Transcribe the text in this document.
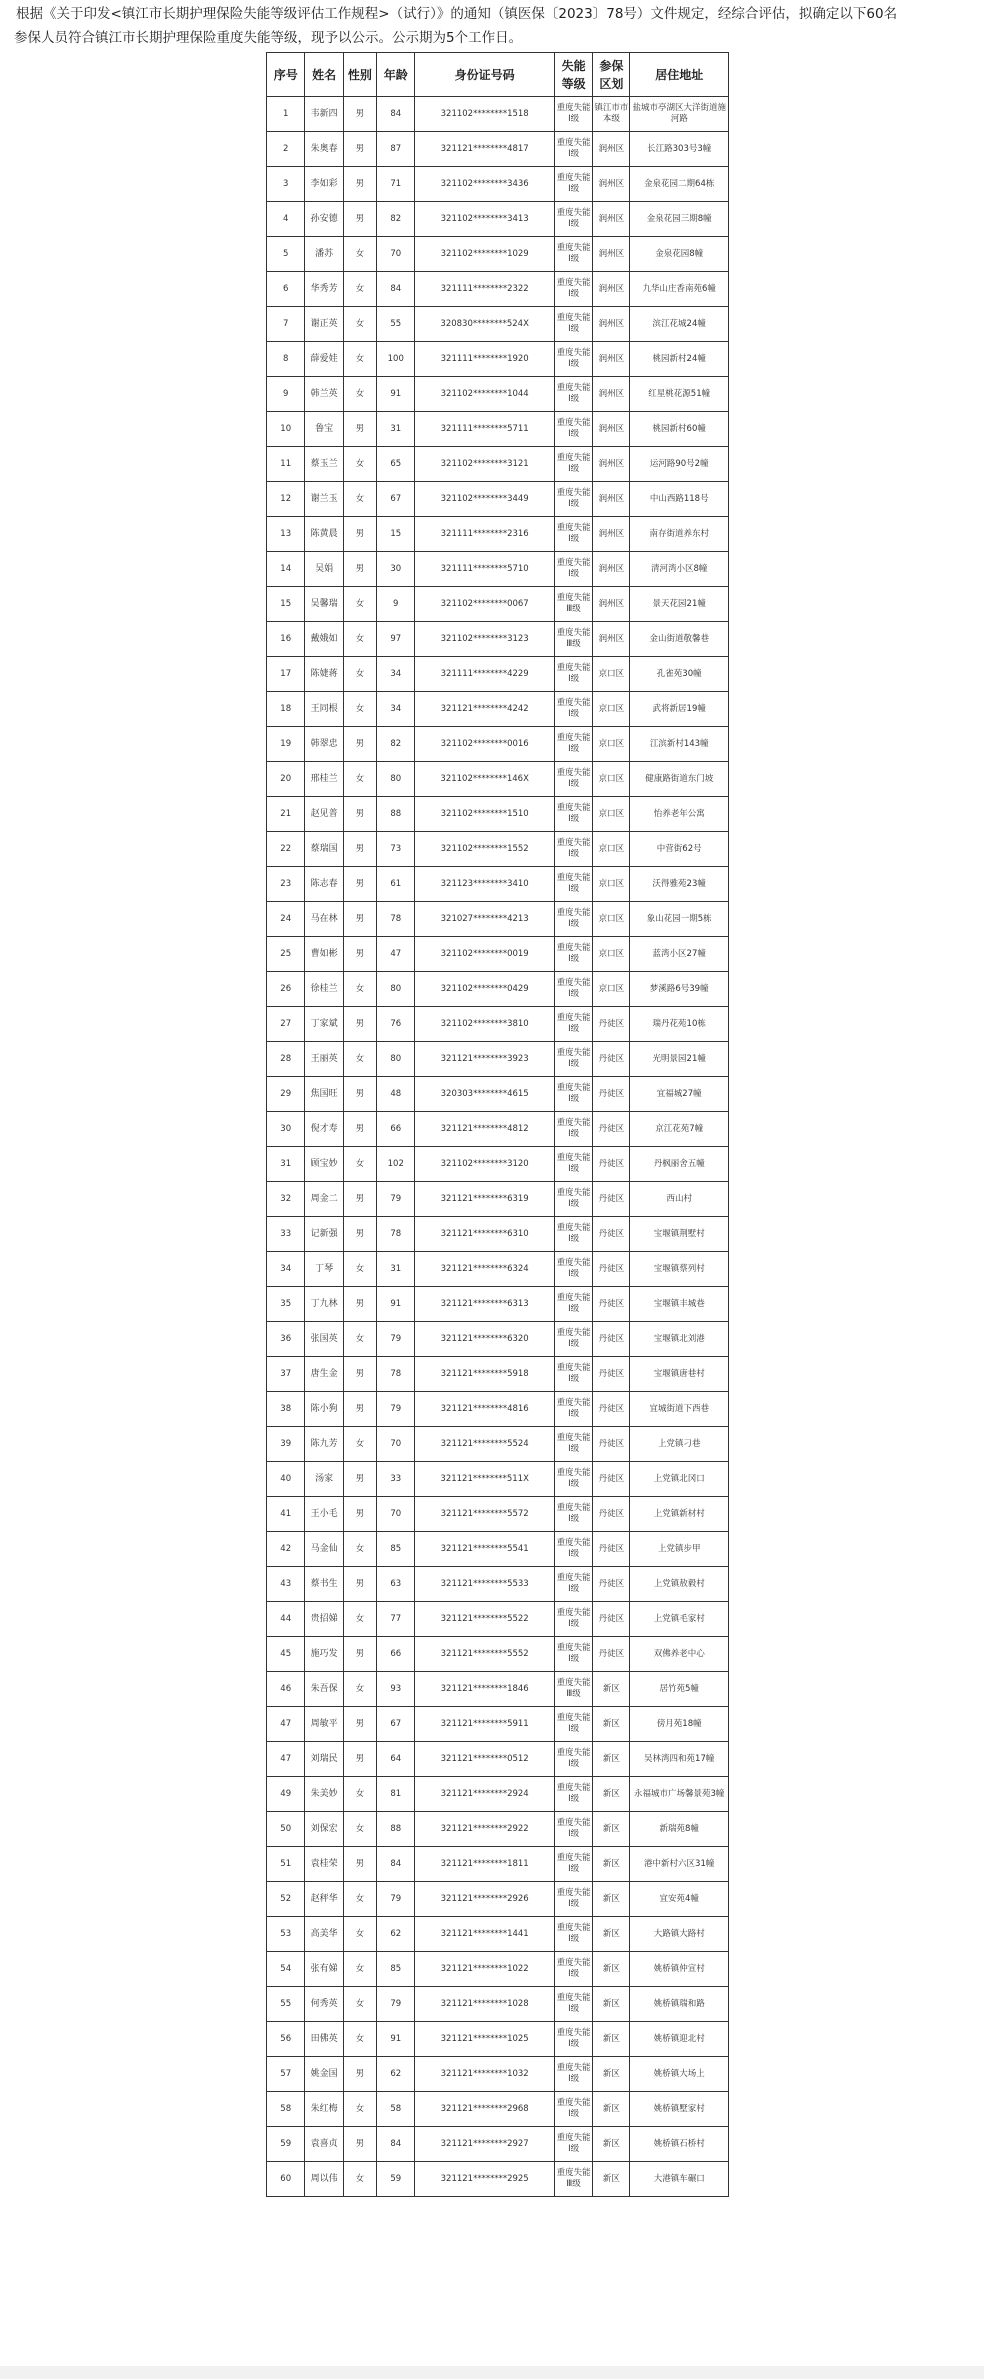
根据《关于印发<镇江市长期护理保险失能等级评估工作规程>（试行）》的通知（镇医保〔2023〕78号）文件规定，经综合评估，拟确定以下60名

参保人员符合镇江市长期护理保险重度失能等级，现予以公示。公示期为5个工作日。

序号	姓名	性别	年龄	身份证号码	失能等级	参保区划	居住地址
1	韦新四	男	84	321102********1518	重度失能Ⅰ级	镇江市市本级	盐城市亭湖区大洋街道施河路
2	朱奥春	男	87	321121********4817	重度失能Ⅰ级	润州区	长江路303号3幢
3	李如彩	男	71	321102********3436	重度失能Ⅰ级	润州区	金泉花园二期64栋
4	孙安德	男	82	321102********3413	重度失能Ⅰ级	润州区	金泉花园三期8幢
5	潘苏	女	70	321102********1029	重度失能Ⅰ级	润州区	金泉花园8幢
6	华秀芳	女	84	321111********2322	重度失能Ⅰ级	润州区	九华山庄香南苑6幢
7	谢正英	女	55	320830********524X	重度失能Ⅰ级	润州区	滨江花城24幢
8	薛爱娃	女	100	321111********1920	重度失能Ⅰ级	润州区	桃园新村24幢
9	韩兰英	女	91	321102********1044	重度失能Ⅰ级	润州区	红星桃花源51幢
10	鲁宝	男	31	321111********5711	重度失能Ⅰ级	润州区	桃园新村60幢
11	蔡玉兰	女	65	321102********3121	重度失能Ⅰ级	润州区	运河路90号2幢
12	谢兰玉	女	67	321102********3449	重度失能Ⅰ级	润州区	中山西路118号
13	陈黄晨	男	15	321111********2316	重度失能Ⅰ级	润州区	南存街道养东村
14	吴娟	男	30	321111********5710	重度失能Ⅰ级	润州区	清河湾小区8幢
15	吴馨瑞	女	9	321102********0067	重度失能Ⅲ级	润州区	景天花园21幢
16	戴娥如	女	97	321102********3123	重度失能Ⅲ级	润州区	金山街道敬馨巷
17	陈婕蒋	女	34	321111********4229	重度失能Ⅰ级	京口区	孔雀苑30幢
18	王同根	女	34	321121********4242	重度失能Ⅰ级	京口区	武将新居19幢
19	韩翠忠	男	82	321102********0016	重度失能Ⅰ级	京口区	江滨新村143幢
20	邢桂兰	女	80	321102********146X	重度失能Ⅰ级	京口区	健康路街道东门坡
21	赵见普	男	88	321102********1510	重度失能Ⅰ级	京口区	怡养老年公寓
22	蔡瑞国	男	73	321102********1552	重度失能Ⅰ级	京口区	中营街62号
23	陈志春	男	61	321123********3410	重度失能Ⅰ级	京口区	沃得雅苑23幢
24	马在林	男	78	321027********4213	重度失能Ⅰ级	京口区	象山花园一期5栋
25	曹如彬	男	47	321102********0019	重度失能Ⅰ级	京口区	蓝湾小区27幢
26	徐桂兰	女	80	321102********0429	重度失能Ⅰ级	京口区	梦溪路6号39幢
27	丁家斌	男	76	321102********3810	重度失能Ⅰ级	丹徒区	瑞丹花苑10栋
28	王丽英	女	80	321121********3923	重度失能Ⅰ级	丹徒区	光明景园21幢
29	焦国旺	男	48	320303********4615	重度失能Ⅰ级	丹徒区	宜福城27幢
30	倪才寿	男	66	321121********4812	重度失能Ⅰ级	丹徒区	京江花苑7幢
31	顾宝妙	女	102	321102********3120	重度失能Ⅰ级	丹徒区	丹枫丽舍五幢
32	周金二	男	79	321121********6319	重度失能Ⅰ级	丹徒区	西山村
33	记新强	男	78	321121********6310	重度失能Ⅰ级	丹徒区	宝堰镇荆墅村
34	丁琴	女	31	321121********6324	重度失能Ⅰ级	丹徒区	宝堰镇蔡列村
35	丁九林	男	91	321121********6313	重度失能Ⅰ级	丹徒区	宝堰镇丰城巷
36	张国英	女	79	321121********6320	重度失能Ⅰ级	丹徒区	宝堰镇北刘港
37	唐生金	男	78	321121********5918	重度失能Ⅰ级	丹徒区	宝堰镇唐巷村
38	陈小狗	男	79	321121********4816	重度失能Ⅰ级	丹徒区	宜城街道下西巷
39	陈九芳	女	70	321121********5524	重度失能Ⅰ级	丹徒区	上党镇刁巷
40	汤家	男	33	321121********511X	重度失能Ⅰ级	丹徒区	上党镇北冈口
41	王小毛	男	70	321121********5572	重度失能Ⅰ级	丹徒区	上党镇新材村
42	马金仙	女	85	321121********5541	重度失能Ⅰ级	丹徒区	上党镇步甲
43	蔡书生	男	63	321121********5533	重度失能Ⅰ级	丹徒区	上党镇敖毅村
44	贵招娣	女	77	321121********5522	重度失能Ⅰ级	丹徒区	上党镇毛家村
45	施巧发	男	66	321121********5552	重度失能Ⅰ级	丹徒区	双佛养老中心
46	朱吾保	女	93	321121********1846	重度失能Ⅲ级	新区	居竹苑5幢
47	周敏平	男	67	321121********5911	重度失能Ⅰ级	新区	傍月苑18幢
47	刘瑞民	男	64	321121********0512	重度失能Ⅰ级	新区	吴林湾四和苑17幢
49	朱美妙	女	81	321121********2924	重度失能Ⅰ级	新区	永福城市广场馨景苑3幢
50	刘保宏	女	88	321121********2922	重度失能Ⅰ级	新区	新瑞苑8幢
51	袁桂荣	男	84	321121********1811	重度失能Ⅰ级	新区	港中新村六区31幢
52	赵秤华	女	79	321121********2926	重度失能Ⅰ级	新区	宜安苑4幢
53	高美华	女	62	321121********1441	重度失能Ⅰ级	新区	大路镇大路村
54	张有娣	女	85	321121********1022	重度失能Ⅰ级	新区	姚桥镇仲宣村
55	何秀英	女	79	321121********1028	重度失能Ⅰ级	新区	姚桥镇瑞和路
56	田佛英	女	91	321121********1025	重度失能Ⅰ级	新区	姚桥镇迎北村
57	姚金国	男	62	321121********1032	重度失能Ⅰ级	新区	姚桥镇大场上
58	朱红梅	女	58	321121********2968	重度失能Ⅰ级	新区	姚桥镇墅家村
59	袁喜贞	男	84	321121********2927	重度失能Ⅰ级	新区	姚桥镇石桥村
60	周以伟	女	59	321121********2925	重度失能Ⅲ级	新区	大港镇车碾口
